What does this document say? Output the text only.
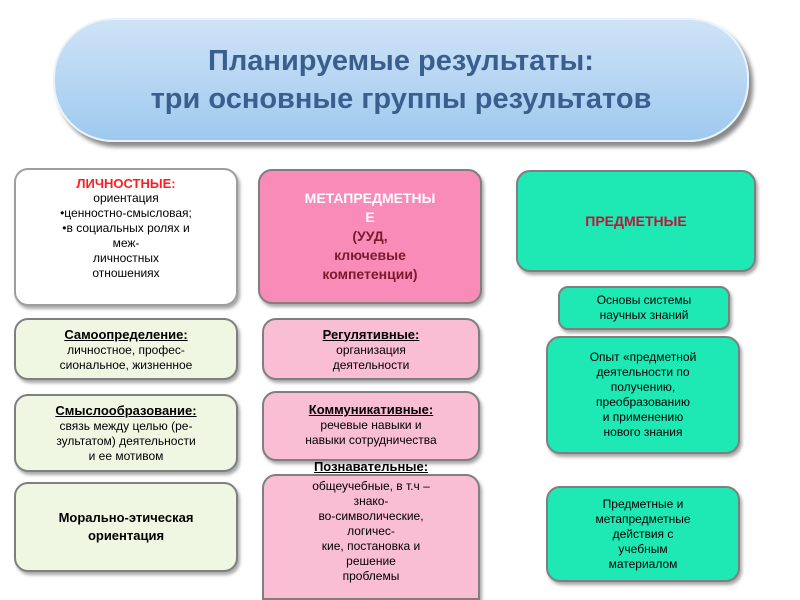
Планируемые результаты:
три основные группы результатов
ЛИЧНОСТНЫЕ:
ориентация
•ценностно-смысловая;
•в социальных ролях и
меж-
личностных
отношениях
Самоопределение:
личностное, профес-
сиональное, жизненное
Смыслообразование:
связь между целью (ре-
зультатом) деятельности
и ее мотивом
Морально-этическая
ориентация
МЕТАПРЕДМЕТНЫ
Е
(УУД,
ключевые
компетенции)
Регулятивные:
организация
деятельности
Коммуникативные:
речевые навыки и
навыки сотрудничества
общеучебные, в т.ч –
знако-
во-символические,
логичес-
кие, постановка и
решение
проблемы
Познавательные:
ПРЕДМЕТНЫЕ
Основы системы
научных знаний
Опыт «предметной
деятельности по
получению,
преобразованию
и применению
нового знания
Предметные и
метапредметные
действия с
учебным
материалом
